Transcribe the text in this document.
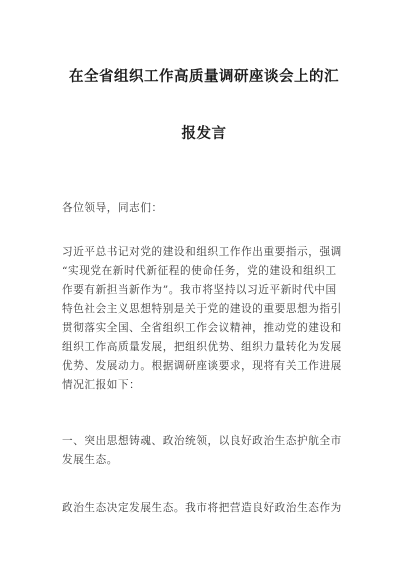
在全省组织工作高质量调研座谈会上的汇
报发言
各位领导，同志们：
习近平总书记对党的建设和组织工作作出重要指示，强调
“实现党在新时代新征程的使命任务，党的建设和组织工
作要有新担当新作为”。我市将坚持以习近平新时代中国
特色社会主义思想特别是关于党的建设的重要思想为指引
贯彻落实全国、全省组织工作会议精神，推动党的建设和
组织工作高质量发展，把组织优势、组织力量转化为发展
优势、发展动力。根据调研座谈要求，现将有关工作进展
情况汇报如下：
一、突出思想铸魂、政治统领，以良好政治生态护航全市
发展生态。
政治生态决定发展生态。我市将把营造良好政治生态作为
